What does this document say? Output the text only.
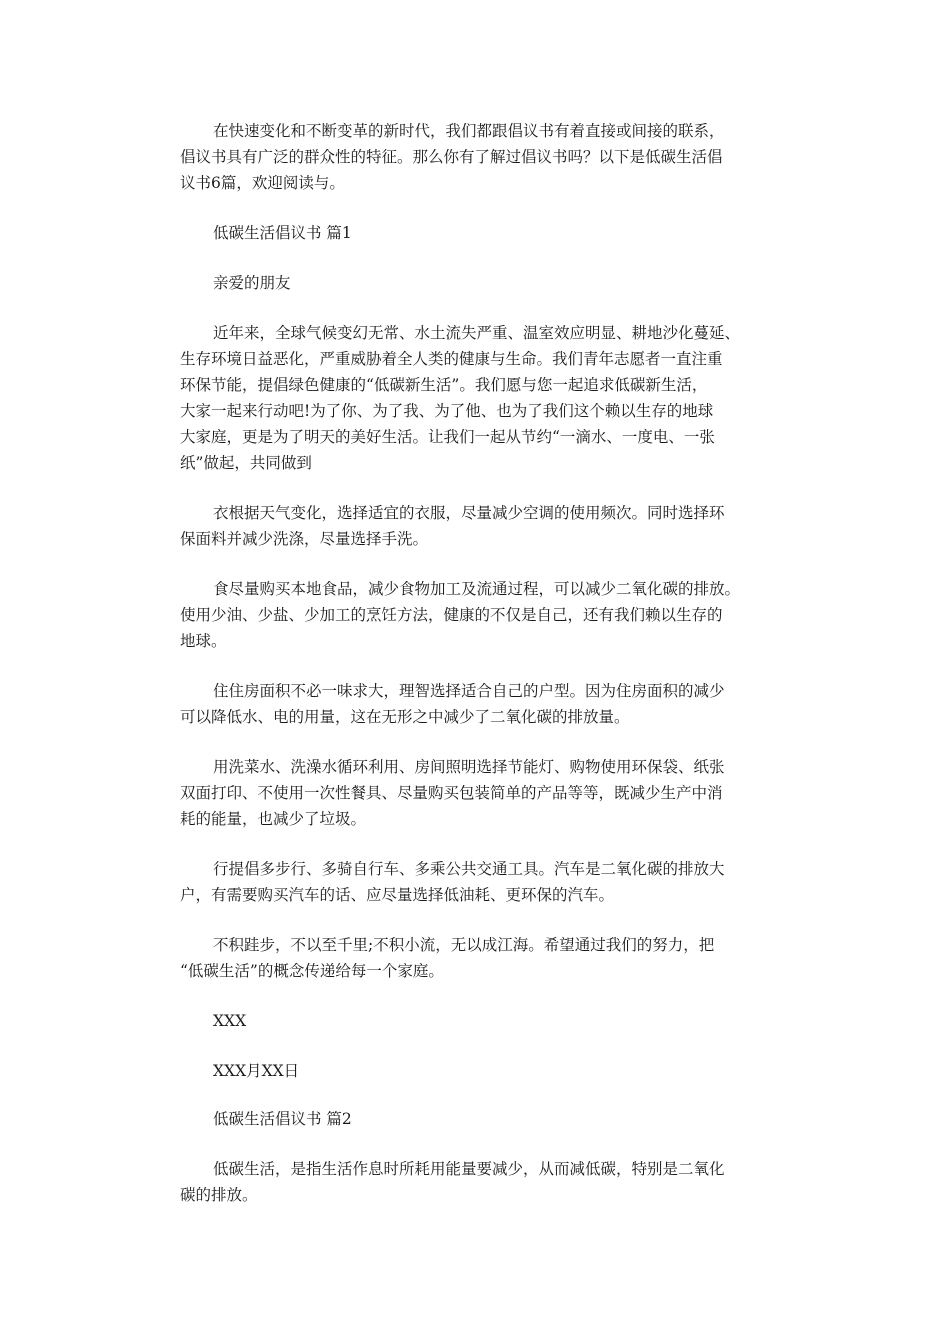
在快速变化和不断变革的新时代，我们都跟倡议书有着直接或间接的联系，
倡议书具有广泛的群众性的特征。那么你有了解过倡议书吗？以下是低碳生活倡
议书6篇，欢迎阅读与。

低碳生活倡议书 篇1

亲爱的朋友

近年来，全球气候变幻无常、水土流失严重、温室效应明显、耕地沙化蔓延、
生存环境日益恶化，严重威胁着全人类的健康与生命。我们青年志愿者一直注重
环保节能，提倡绿色健康的“低碳新生活”。我们愿与您一起追求低碳新生活，
大家一起来行动吧!为了你、为了我、为了他、也为了我们这个赖以生存的地球
大家庭，更是为了明天的美好生活。让我们一起从节约“一滴水、一度电、一张
纸”做起，共同做到

衣根据天气变化，选择适宜的衣服，尽量减少空调的使用频次。同时选择环
保面料并减少洗涤，尽量选择手洗。

食尽量购买本地食品，减少食物加工及流通过程，可以减少二氧化碳的排放。
使用少油、少盐、少加工的烹饪方法，健康的不仅是自己，还有我们赖以生存的
地球。

住住房面积不必一味求大，理智选择适合自己的户型。因为住房面积的减少
可以降低水、电的用量，这在无形之中减少了二氧化碳的排放量。

用洗菜水、洗澡水循环利用、房间照明选择节能灯、购物使用环保袋、纸张
双面打印、不使用一次性餐具、尽量购买包装简单的产品等等，既减少生产中消
耗的能量，也减少了垃圾。

行提倡多步行、多骑自行车、多乘公共交通工具。汽车是二氧化碳的排放大
户，有需要购买汽车的话、应尽量选择低油耗、更环保的汽车。

不积跬步，不以至千里;不积小流，无以成江海。希望通过我们的努力，把
“低碳生活”的概念传递给每一个家庭。

XXX

XXX月XX日

低碳生活倡议书 篇2

低碳生活，是指生活作息时所耗用能量要减少，从而减低碳，特别是二氧化
碳的排放。
